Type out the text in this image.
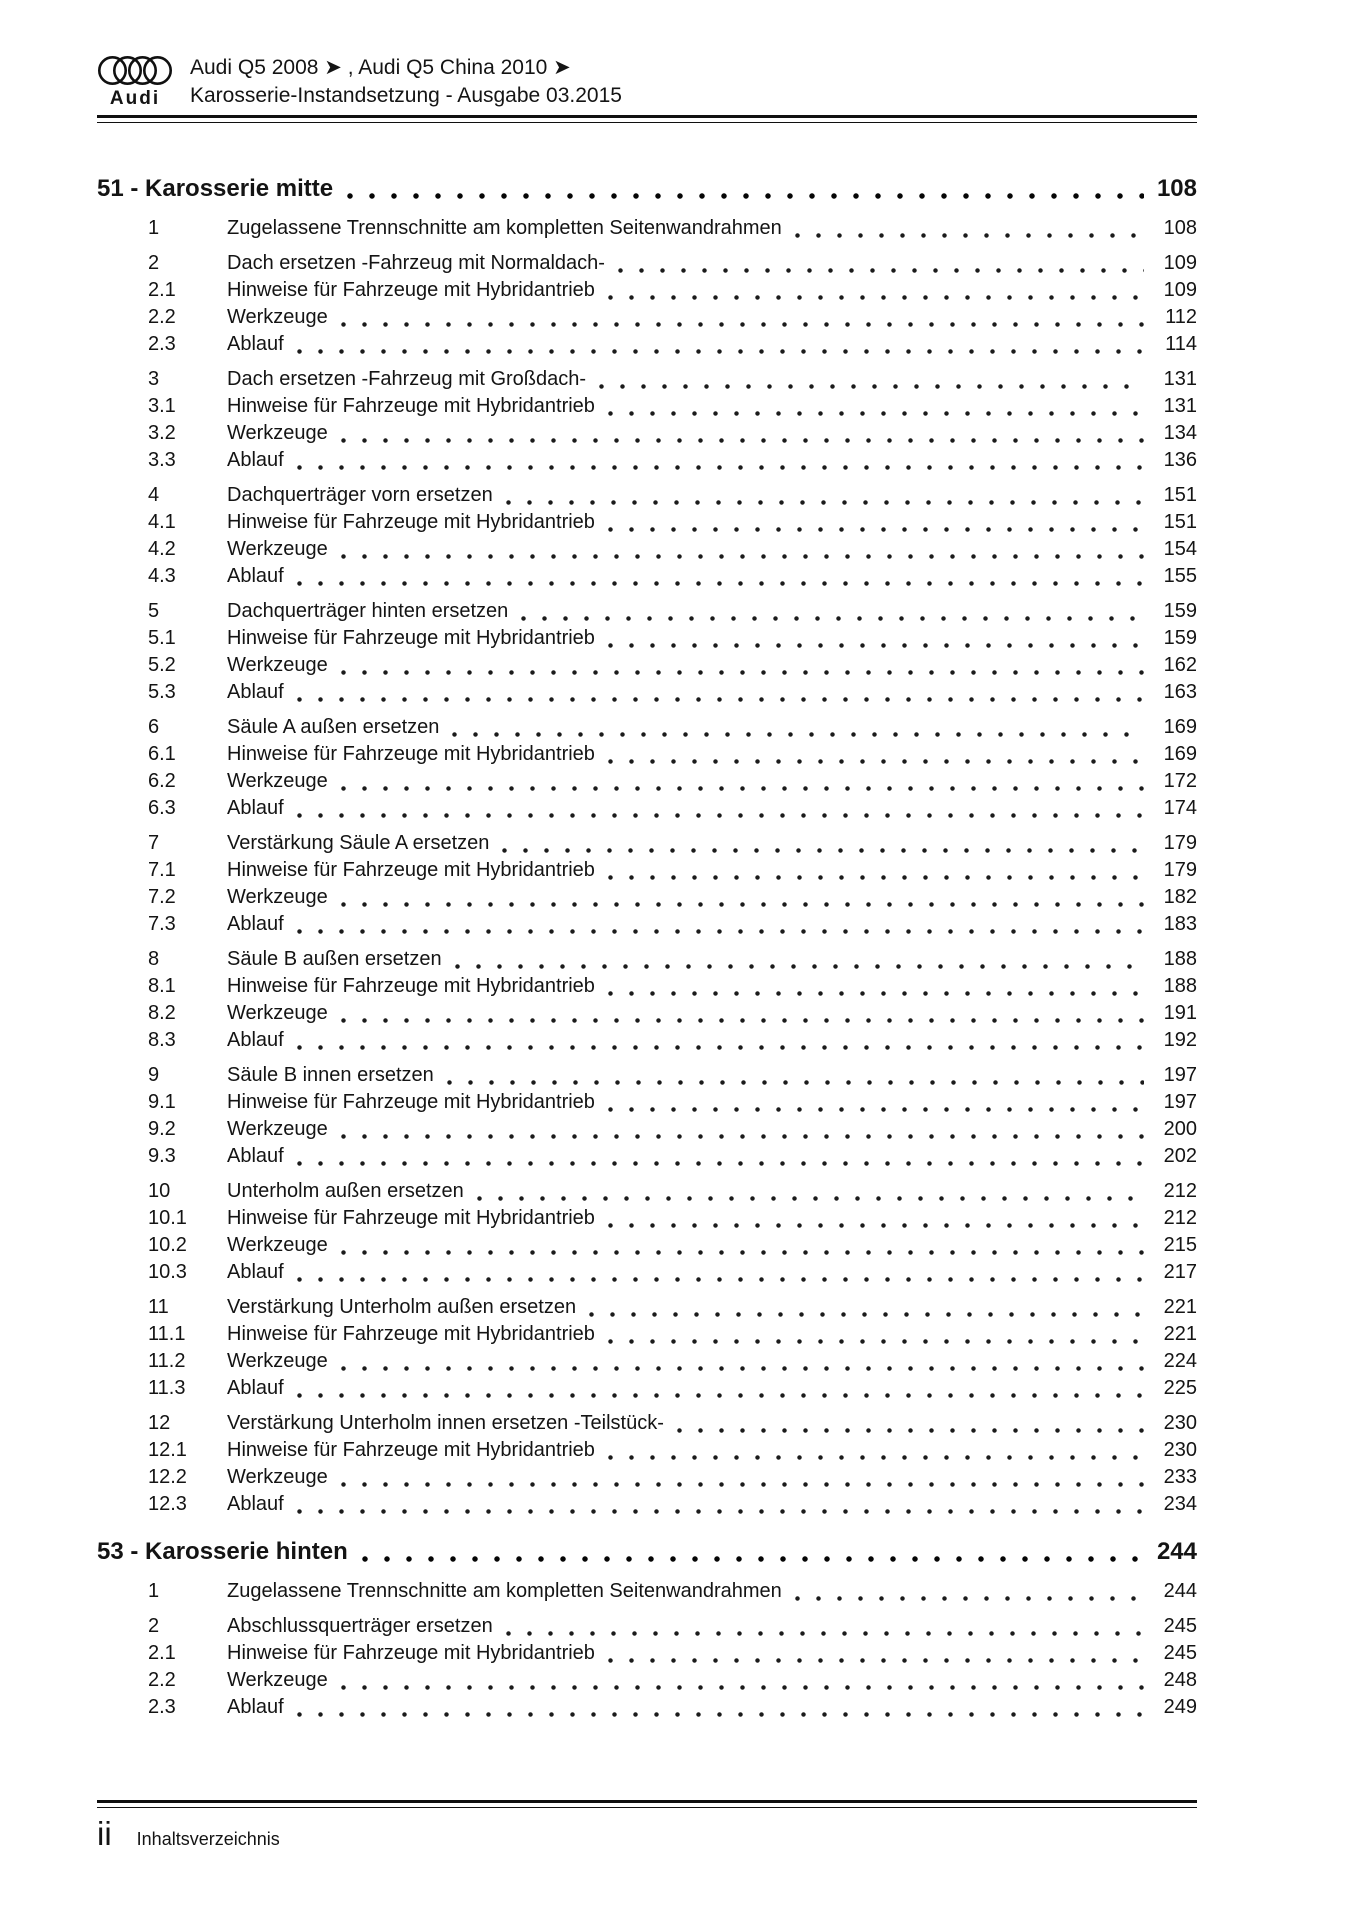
Audi
Audi Q5 2008 ➤ , Audi Q5 China 2010 ➤
Karosserie-Instandsetzung - Ausgabe 03.2015
51 - Karosserie mitte	108
1	Zugelassene Trennschnitte am kompletten Seitenwandrahmen	108
2	Dach ersetzen -Fahrzeug mit Normaldach-	109
2.1	Hinweise für Fahrzeuge mit Hybridantrieb	109
2.2	Werkzeuge	112
2.3	Ablauf	114
3	Dach ersetzen -Fahrzeug mit Großdach-	131
3.1	Hinweise für Fahrzeuge mit Hybridantrieb	131
3.2	Werkzeuge	134
3.3	Ablauf	136
4	Dachquerträger vorn ersetzen	151
4.1	Hinweise für Fahrzeuge mit Hybridantrieb	151
4.2	Werkzeuge	154
4.3	Ablauf	155
5	Dachquerträger hinten ersetzen	159
5.1	Hinweise für Fahrzeuge mit Hybridantrieb	159
5.2	Werkzeuge	162
5.3	Ablauf	163
6	Säule A außen ersetzen	169
6.1	Hinweise für Fahrzeuge mit Hybridantrieb	169
6.2	Werkzeuge	172
6.3	Ablauf	174
7	Verstärkung Säule A ersetzen	179
7.1	Hinweise für Fahrzeuge mit Hybridantrieb	179
7.2	Werkzeuge	182
7.3	Ablauf	183
8	Säule B außen ersetzen	188
8.1	Hinweise für Fahrzeuge mit Hybridantrieb	188
8.2	Werkzeuge	191
8.3	Ablauf	192
9	Säule B innen ersetzen	197
9.1	Hinweise für Fahrzeuge mit Hybridantrieb	197
9.2	Werkzeuge	200
9.3	Ablauf	202
10	Unterholm außen ersetzen	212
10.1	Hinweise für Fahrzeuge mit Hybridantrieb	212
10.2	Werkzeuge	215
10.3	Ablauf	217
11	Verstärkung Unterholm außen ersetzen	221
11.1	Hinweise für Fahrzeuge mit Hybridantrieb	221
11.2	Werkzeuge	224
11.3	Ablauf	225
12	Verstärkung Unterholm innen ersetzen -Teilstück-	230
12.1	Hinweise für Fahrzeuge mit Hybridantrieb	230
12.2	Werkzeuge	233
12.3	Ablauf	234
53 - Karosserie hinten	244
1	Zugelassene Trennschnitte am kompletten Seitenwandrahmen	244
2	Abschlussquerträger ersetzen	245
2.1	Hinweise für Fahrzeuge mit Hybridantrieb	245
2.2	Werkzeuge	248
2.3	Ablauf	249
ii Inhaltsverzeichnis
